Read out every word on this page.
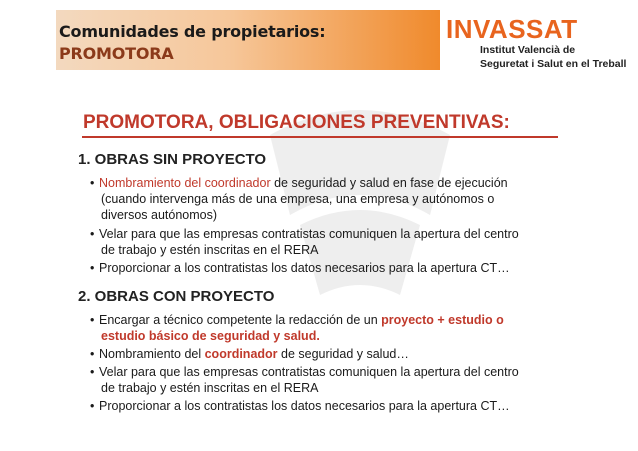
Comunidades de propietarios:
PROMOTORA
INVASSAT
Institut Valencià de
Seguretat i Salut en el Treball
PROMOTORA, OBLIGACIONES PREVENTIVAS:
1. OBRAS SIN PROYECTO
• Nombramiento del coordinador de seguridad y salud en fase de ejecución
(cuando intervenga más de una empresa, una empresa y autónomos o
diversos autónomos)
• Velar para que las empresas contratistas comuniquen la apertura del centro
de trabajo y estén inscritas en el RERA
• Proporcionar a los contratistas los datos necesarios para la apertura CT…
2. OBRAS CON PROYECTO
• Encargar a técnico competente la redacción de un proyecto + estudio o
estudio básico de seguridad y salud.
• Nombramiento del coordinador de seguridad y salud…
• Velar para que las empresas contratistas comuniquen la apertura del centro
de trabajo y estén inscritas en el RERA
• Proporcionar a los contratistas los datos necesarios para la apertura CT…
